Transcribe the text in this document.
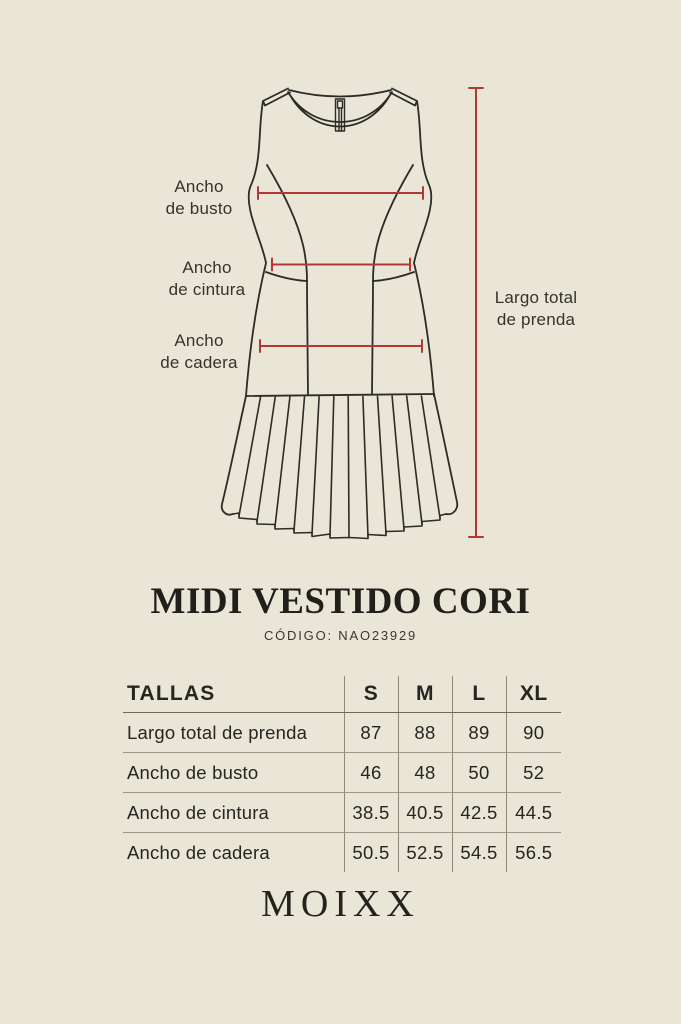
Ancho
de busto
Ancho
de cintura
Ancho
de cadera
Largo total
de prenda
MIDI VESTIDO CORI
CÓDIGO: NAO23929
TALLAS	S	M	L	XL
Largo total de prenda	87	88	89	90
Ancho de busto	46	48	50	52
Ancho de cintura	38.5	40.5	42.5	44.5
Ancho de cadera	50.5	52.5	54.5	56.5
MOIXX
